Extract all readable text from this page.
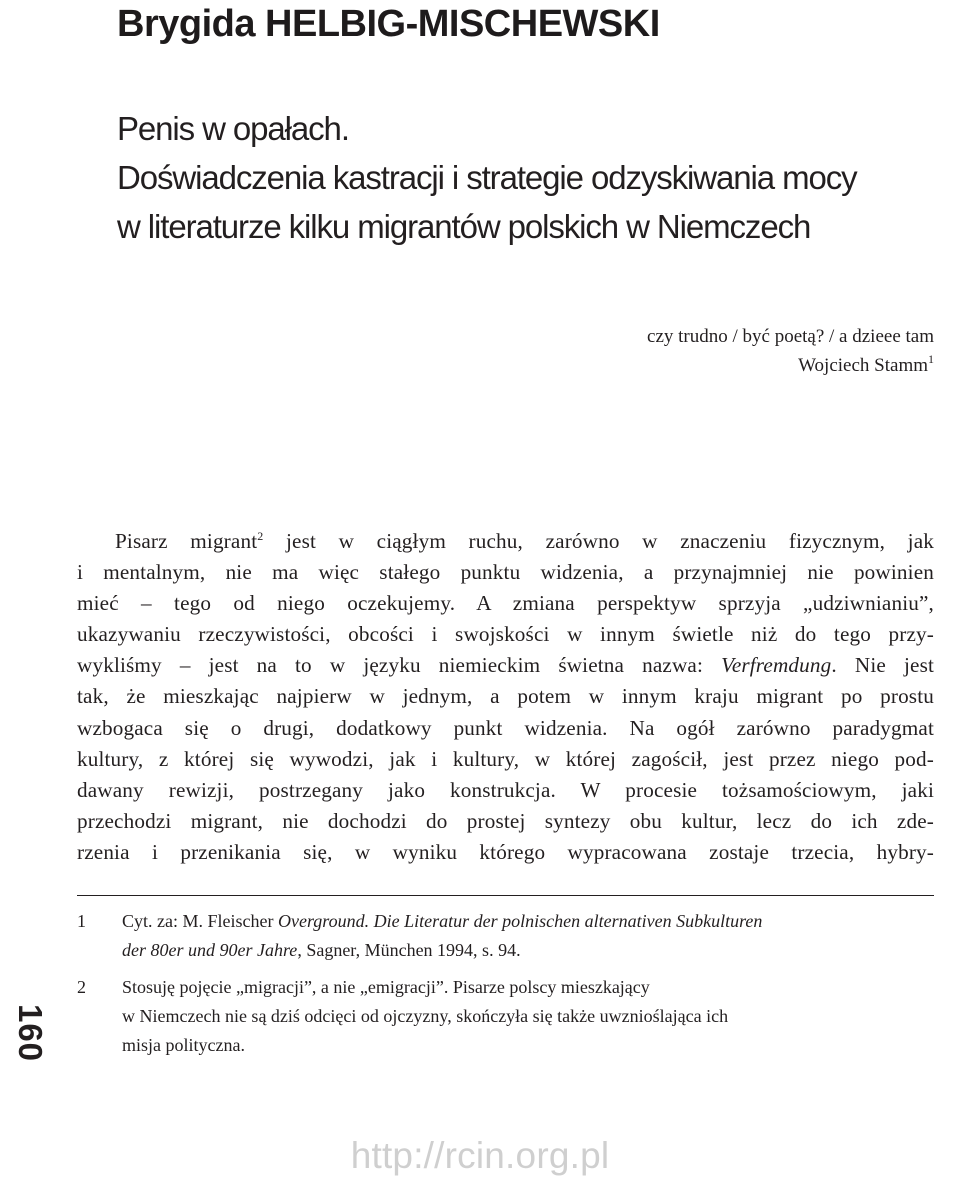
Brygida HELBIG-MISCHEWSKI
Penis w opałach.
Doświadczenia kastracji i strategie odzyskiwania mocy
w literaturze kilku migrantów polskich w Niemczech
czy trudno / być poetą? / a dzieee tam
Wojciech Stamm$^1$
Pisarz migrant$^2$ jest w ciągłym ruchu, zarówno w znaczeniu fizycznym, jak
i mentalnym, nie ma więc stałego punktu widzenia, a przynajmniej nie powinien
mieć – tego od niego oczekujemy. A zmiana perspektyw sprzyja „udziwnianiu”,
ukazywaniu rzeczywistości, obcości i swojskości w innym świetle niż do tego przy-
wykliśmy – jest na to w języku niemieckim świetna nazwa: Verfremdung. Nie jest
tak, że mieszkając najpierw w jednym, a potem w innym kraju migrant po prostu
wzbogaca się o drugi, dodatkowy punkt widzenia. Na ogół zarówno paradygmat
kultury, z której się wywodzi, jak i kultury, w której zagościł, jest przez niego pod-
dawany rewizji, postrzegany jako konstrukcja. W procesie tożsamościowym, jaki
przechodzi migrant, nie dochodzi do prostej syntezy obu kultur, lecz do ich zde-
rzenia i przenikania się, w wyniku którego wypracowana zostaje trzecia, hybry-
1 Cyt. za: M. Fleischer Overground. Die Literatur der polnischen alternativen Subkulturen
der 80er und 90er Jahre, Sagner, München 1994, s. 94.
2 Stosuję pojęcie „migracji”, a nie „emigracji”. Pisarze polscy mieszkający
w Niemczech nie są dziś odcięci od ojczyzny, skończyła się także uwznioślająca ich
misja polityczna.
160
http://rcin.org.pl
